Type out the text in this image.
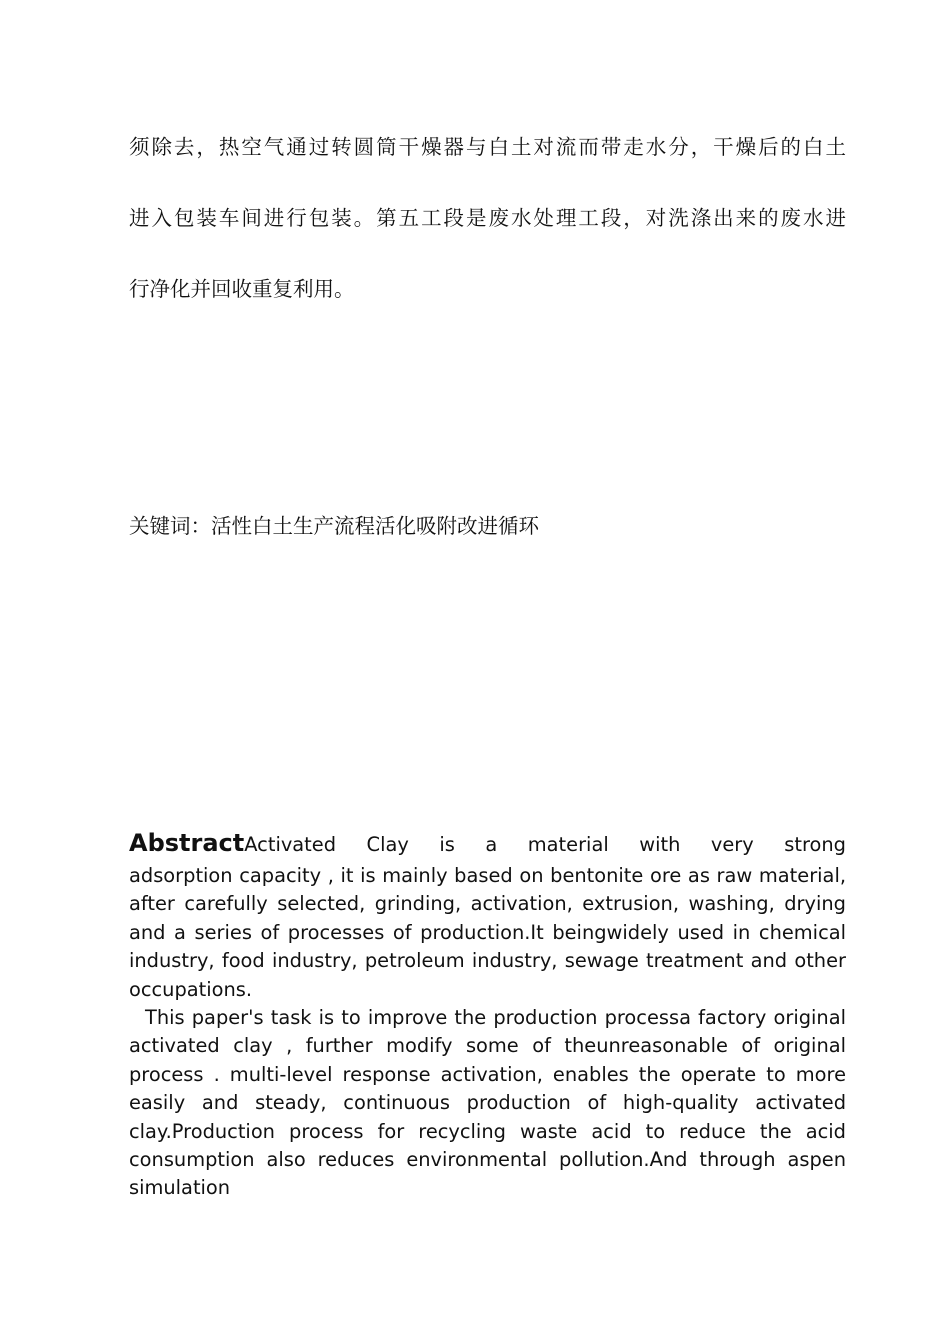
须除去，热空气通过转圆筒干燥器与白土对流而带走水分，干燥后的白土
进入包装车间进行包装。第五工段是废水处理工段，对洗涤出来的废水进
行净化并回收重复利用。
关键词：活性白土生产流程活化吸附改进循环
AbstractActivated Clay is a material with very strong

adsorption capacity , it is mainly based on bentonite ore as raw material, after carefully selected, grinding, activation, extrusion, washing, drying and a series of processes of production.It beingwidely used in chemical industry, food industry, petroleum industry, sewage treatment and other occupations.

This paper's task is to improve the production processa factory original activated clay , further modify some of theunreasonable of original process . multi-level response activation, enables the operate to more easily and steady, continuous production of high-quality activated clay.Production process for recycling waste acid to reduce the acid consumption also reduces environmental pollution.And through aspen simulation
